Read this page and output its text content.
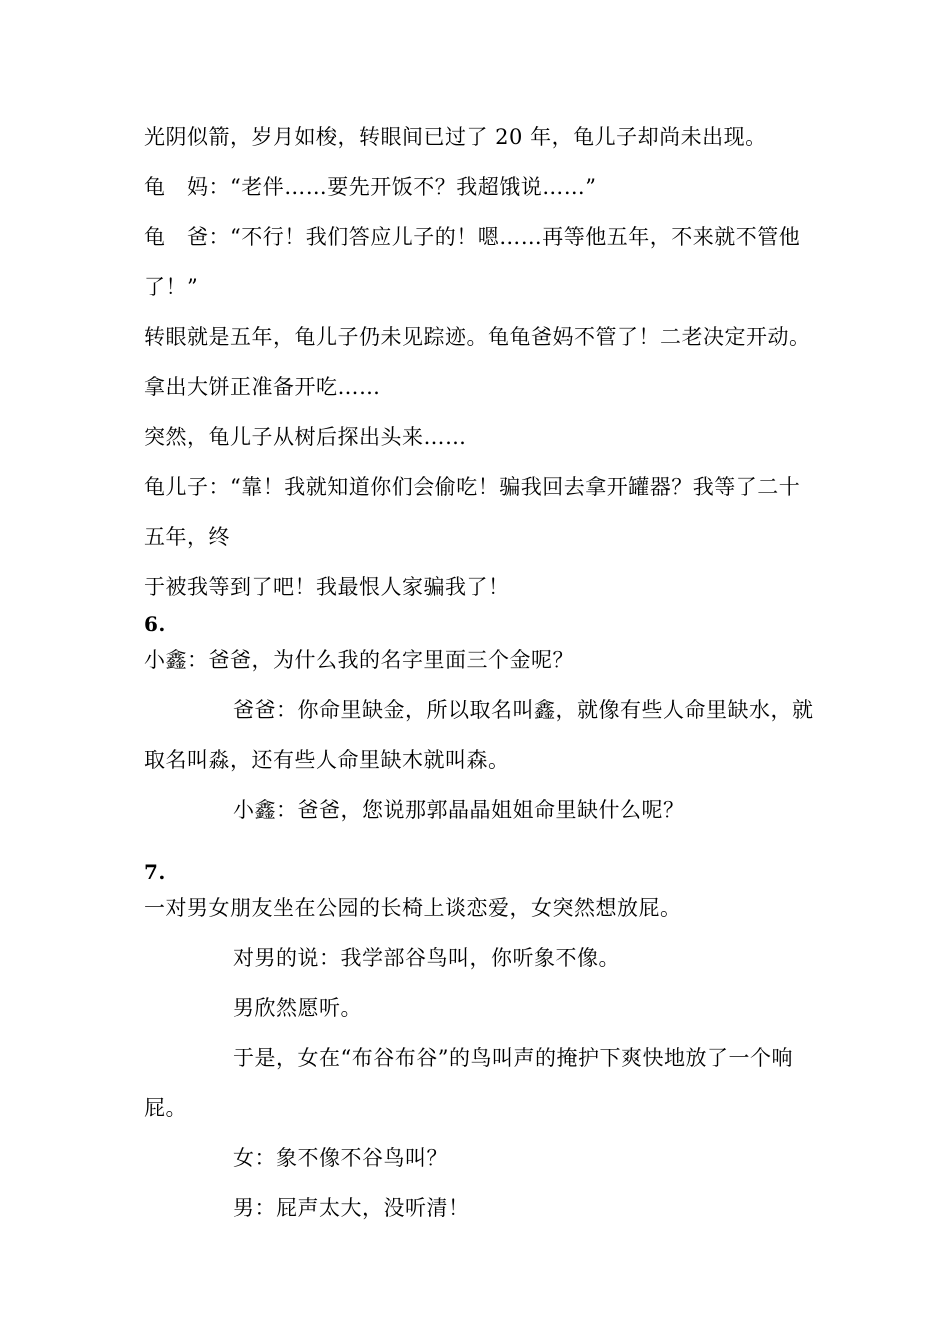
光阴似箭，岁月如梭，转眼间已过了 20 年，龟儿子却尚未出现。
龟　妈：“老伴……要先开饭不？我超饿说……”
龟　爸：“不行！我们答应儿子的！嗯……再等他五年，不来就不管他
了！”
转眼就是五年，龟儿子仍未见踪迹。龟龟爸妈不管了！二老决定开动。
拿出大饼正准备开吃……
突然，龟儿子从树后探出头来……
龟儿子：“靠！我就知道你们会偷吃！骗我回去拿开罐器？我等了二十
五年，终
于被我等到了吧！我最恨人家骗我了！
6.
小鑫：爸爸，为什么我的名字里面三个金呢？
爸爸：你命里缺金，所以取名叫鑫，就像有些人命里缺水，就
取名叫淼，还有些人命里缺木就叫森。
小鑫：爸爸，您说那郭晶晶姐姐命里缺什么呢？
7.
一对男女朋友坐在公园的长椅上谈恋爱，女突然想放屁。
对男的说：我学部谷鸟叫，你听象不像。
男欣然愿听。
于是，女在“布谷布谷”的鸟叫声的掩护下爽快地放了一个响
屁。
女：象不像不谷鸟叫？
男：屁声太大，没听清！
